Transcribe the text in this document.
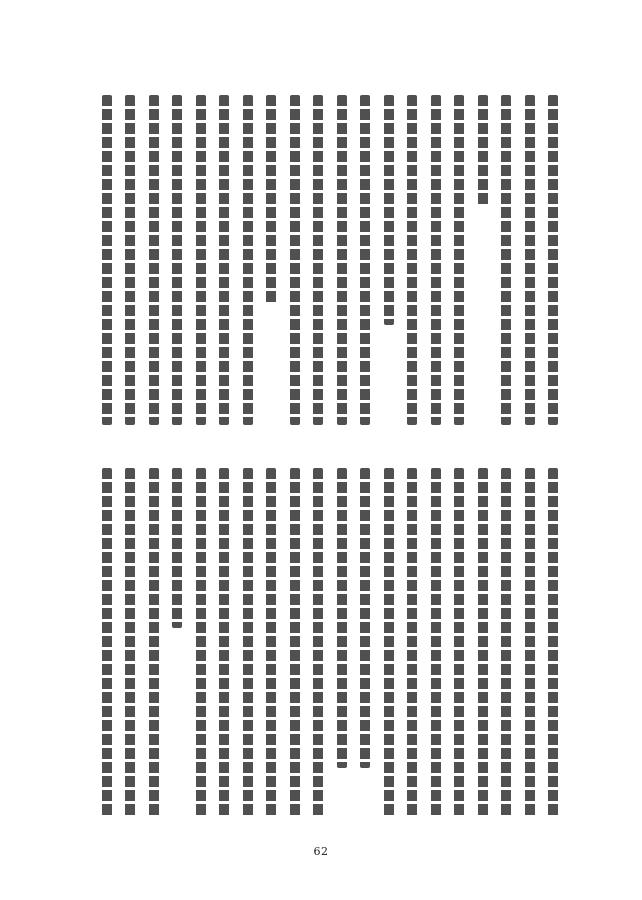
62
